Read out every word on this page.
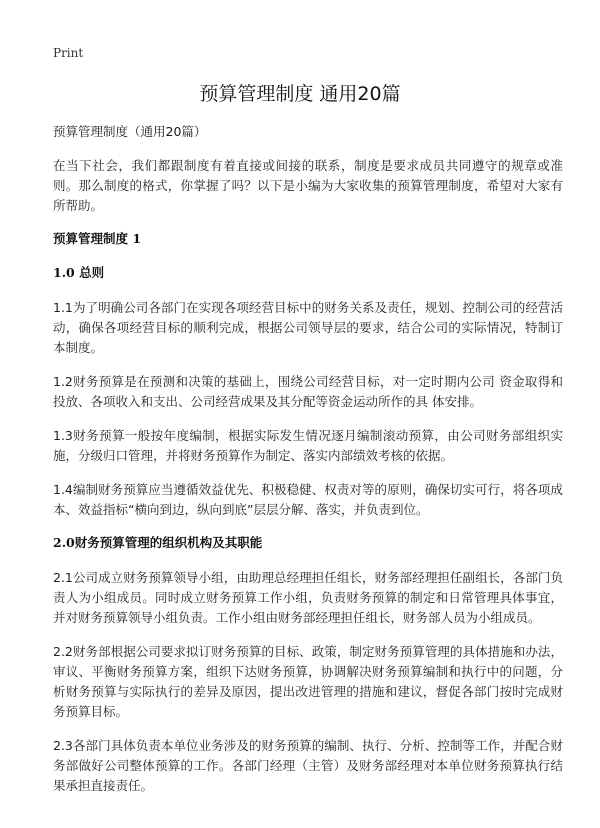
Print
预算管理制度 通用20篇
预算管理制度（通用20篇）

在当下社会，我们都跟制度有着直接或间接的联系，制度是要求成员共同遵守的规章或准则。那么制度的格式，你掌握了吗？以下是小编为大家收集的预算管理制度，希望对大家有所帮助。

预算管理制度 1
1.0 总则

1.1为了明确公司各部门在实现各项经营目标中的财务关系及责任，规划、控制公司的经营活动，确保各项经营目标的顺利完成，根据公司领导层的要求，结合公司的实际情况，特制订本制度。

1.2财务预算是在预测和决策的基础上，围绕公司经营目标，对一定时期内公司 资金取得和投放、各项收入和支出、公司经营成果及其分配等资金运动所作的具 体安排。

1.3财务预算一般按年度编制，根据实际发生情况逐月编制滚动预算，由公司财务部组织实施，分级归口管理，并将财务预算作为制定、落实内部绩效考核的依据。

1.4编制财务预算应当遵循效益优先、积极稳健、权责对等的原则，确保切实可行，将各项成本、效益指标“横向到边，纵向到底”层层分解、落实，并负责到位。

2.0财务预算管理的组织机构及其职能

2.1公司成立财务预算领导小组，由助理总经理担任组长，财务部经理担任副组长，各部门负责人为小组成员。同时成立财务预算工作小组，负责财务预算的制定和日常管理具体事宜，并对财务预算领导小组负责。工作小组由财务部经理担任组长，财务部人员为小组成员。

2.2财务部根据公司要求拟订财务预算的目标、政策，制定财务预算管理的具体措施和办法，审议、平衡财务预算方案，组织下达财务预算，协调解决财务预算编制和执行中的问题，分析财务预算与实际执行的差异及原因，提出改进管理的措施和建议，督促各部门按时完成财务预算目标。

2.3各部门具体负责本单位业务涉及的财务预算的编制、执行、分析、控制等工作，并配合财务部做好公司整体预算的工作。各部门经理（主管）及财务部经理对本单位财务预算执行结果承担直接责任。
